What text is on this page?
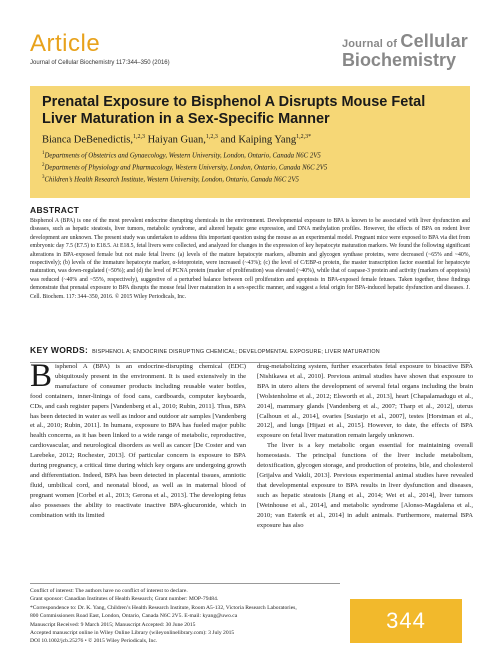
Article
Journal of Cellular Biochemistry 117:344–350 (2016)
Journal of Cellular
Biochemistry
Prenatal Exposure to Bisphenol A Disrupts Mouse Fetal Liver Maturation in a Sex-Specific Manner
Bianca DeBenedictis,$^{1,2,3}$ Haiyan Guan,$^{1,2,3}$ and Kaiping Yang$^{1,2,3*}$
$^1$Departments of Obstetrics and Gynaecology, Western University, London, Ontario, Canada N6C 2V5
$^2$Departments of Physiology and Pharmacology, Western University, London, Ontario, Canada N6C 2V5
$^3$Children’s Health Research Institute, Western University, London, Ontario, Canada N6C 2V5
ABSTRACT
Bisphenol A (BPA) is one of the most prevalent endocrine disrupting chemicals in the environment. Developmental exposure to BPA is known to be associated with liver dysfunction and diseases, such as hepatic steatosis, liver tumors, metabolic syndrome, and altered hepatic gene expression, and DNA methylation profiles. However, the effects of BPA on rodent liver development are unknown. The present study was undertaken to address this important question using the mouse as an experimental model. Pregnant mice were exposed to BPA via diet from embryonic day 7.5 (E7.5) to E18.5. At E18.5, fetal livers were collected, and analyzed for changes in the expression of key hepatocyte maturation markers. We found the following significant alterations in BPA-exposed female but not male fetal livers: (a) levels of the mature hepatocyte markers, albumin and glycogen synthase proteins, were decreased (~65% and ~40%, respectively); (b) levels of the immature hepatocyte marker, α-fetoprotein, were increased (~43%); (c) the level of C/EBP-α protein, the master transcription factor essential for hepatocyte maturation, was down-regulated (~50%); and (d) the level of PCNA protein (marker of proliferation) was elevated (~40%), while that of caspase-3 protein and activity (markers of apoptosis) was reduced (~40% and ~55%, respectively), suggestive of a perturbed balance between cell proliferation and apoptosis in BPA-exposed female fetuses. Taken together, these findings demonstrate that prenatal exposure to BPA disrupts the mouse fetal liver maturation in a sex-specific manner, and suggest a fetal origin for BPA-induced hepatic dysfunction and diseases. J. Cell. Biochem. 117: 344–350, 2016. © 2015 Wiley Periodicals, Inc.
KEY WORDS: BISPHENOL A; ENDOCRINE DISRUPTING CHEMICAL; DEVELOPMENTAL EXPOSURE; LIVER MATURATION

Bisphenol A (BPA) is an endocrine-disrupting chemical (EDC) ubiquitously present in the environment. It is used extensively in the manufacture of consumer products including reusable water bottles, food containers, inner-linings of food cans, cardboards, computer keyboards, CDs, and cash register papers [Vandenberg et al., 2010; Rubin, 2011]. Thus, BPA has been detected in water as well as indoor and outdoor air samples [Vandenberg et al., 2010; Rubin, 2011]. In humans, exposure to BPA has fueled major public health concerns, as it has been linked to a wide range of metabolic, reproductive, cardiovascular, and neurological disorders as well as cancer [De Coster and van Larebeke, 2012; Rochester, 2013]. Of particular concern is exposure to BPA during pregnancy, a critical time during which key organs are undergoing growth and differentiation. Indeed, BPA has been detected in placental tissues, amniotic fluid, umbilical cord, and neonatal blood, as well as in maternal blood of pregnant women [Corbel et al., 2013; Gerona et al., 2013]. The developing fetus also possesses the ability to reactivate inactive BPA-glucuronide, which in combination with its limited

drug-metabolizing system, further exacerbates fetal exposure to bioactive BPA [Nishikawa et al., 2010]. Previous animal studies have shown that exposure to BPA in utero alters the development of several fetal organs including the brain [Wolstenholme et al., 2012; Elsworth et al., 2013], heart [Chapalamadugu et al., 2014], mammary glands [Vandenberg et al., 2007; Tharp et al., 2012], uterus [Calhoun et al., 2014], ovaries [Susiarjo et al., 2007], testes [Horstman et al., 2012], and lungs [Hijazi et al., 2015]. However, to date, the effects of BPA exposure on fetal liver maturation remain largely unknown.

The liver is a key metabolic organ essential for maintaining overall homeostasis. The principal functions of the liver include metabolism, detoxification, glycogen storage, and production of proteins, bile, and cholesterol [Grijalva and Vakili, 2013]. Previous experimental animal studies have revealed that developmental exposure to BPA results in liver dysfunction and diseases, such as hepatic steatosis [Jiang et al., 2014; Wei et al., 2014], liver tumors [Weinhouse et al., 2014], and metabolic syndrome [Alonso-Magdalena et al., 2010; van Esterik et al., 2014] in adult animals. Furthermore, maternal BPA exposure has also

Conflict of interest: The authors have no conflict of interest to declare.
Grant sponsor: Canadian Institutes of Health Research; Grant number: MOP-79484.
*Correspondence to: Dr. K. Yang, Children’s Health Research Institute, Room A5-132, Victoria Research Laboratories,
800 Commissioners Road East, London, Ontario, Canada N6C 2V5. E-mail: kyang@uwo.ca
Manuscript Received: 9 March 2015; Manuscript Accepted: 30 June 2015
Accepted manuscript online in Wiley Online Library (wileyonlinelibrary.com): 3 July 2015
DOI 10.1002/jcb.25276 • © 2015 Wiley Periodicals, Inc.
344
